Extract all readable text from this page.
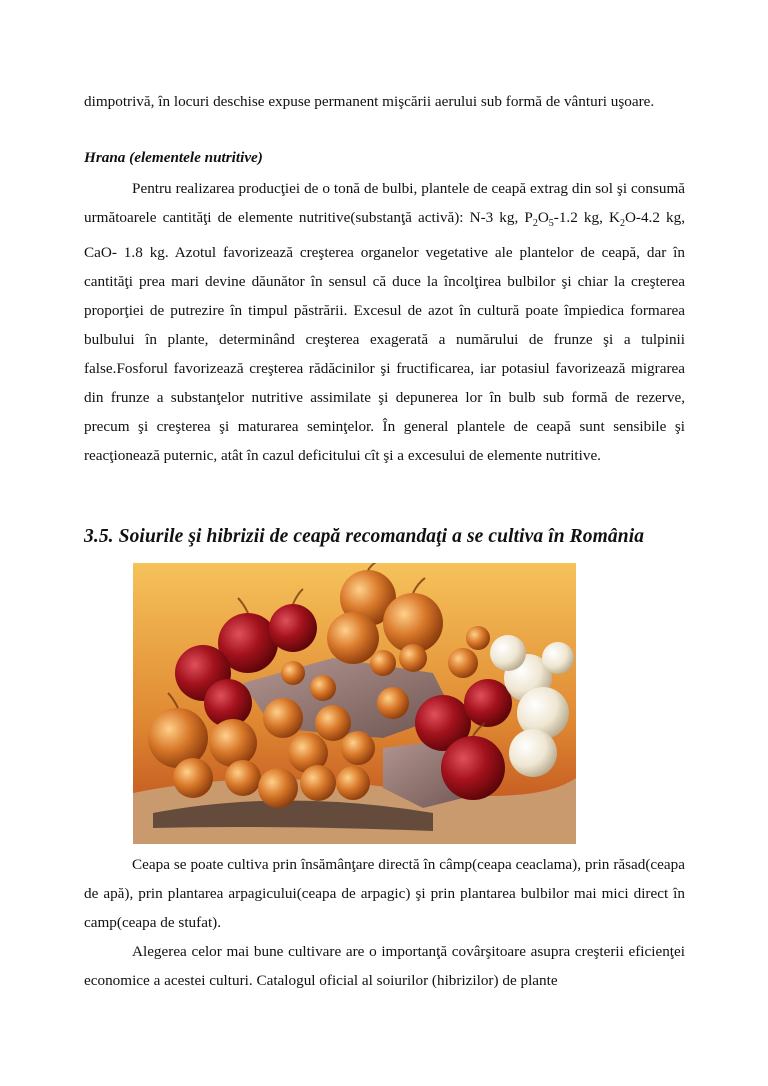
dimpotrivă, în locuri deschise expuse permanent mişcării aerului sub formă de vânturi uşoare.
Hrana (elementele nutritive)
Pentru realizarea producţiei de o tonă de bulbi, plantele de ceapă extrag din sol şi consumă următoarele cantităţi de elemente nutritive(substanţă activă): N-3 kg, $P_2O_5-1.2$ kg, $K_2O-4.2$ kg, CaO- 1.8 kg. Azotul favorizează creşterea organelor vegetative ale plantelor de ceapă, dar în cantităţi prea mari devine dăunător în sensul că duce la încolţirea bulbilor şi chiar la creşterea proporţiei de putrezire în timpul păstrării. Excesul de azot în cultură poate împiedica formarea bulbului în plante, determinând creşterea exagerată a numărului de frunze şi a tulpinii false.Fosforul favorizează creşterea rădăcinilor şi fructificarea, iar potasiul favorizează migrarea din frunze a substanţelor nutritive assimilate şi depunerea lor în bulb sub formă de rezerve, precum şi creşterea şi maturarea seminţelor. În general plantele de ceapă sunt sensibile şi reacţionează puternic, atât în cazul deficitului cît şi a excesului de elemente nutritive.
3.5. Soiurile şi hibrizii de ceapă recomandaţi a se cultiva în România
Ceapa se poate cultiva prin însămânţare directă în câmp(ceapa ceaclama), prin răsad(ceapa de apă), prin plantarea arpagicului(ceapa de arpagic) şi prin plantarea bulbilor mai mici direct în camp(ceapa de stufat).
Alegerea celor mai bune cultivare are o importanţă covârşitoare asupra creşterii eficienţei economice a acestei culturi. Catalogul oficial al soiurilor (hibrizilor) de plante
